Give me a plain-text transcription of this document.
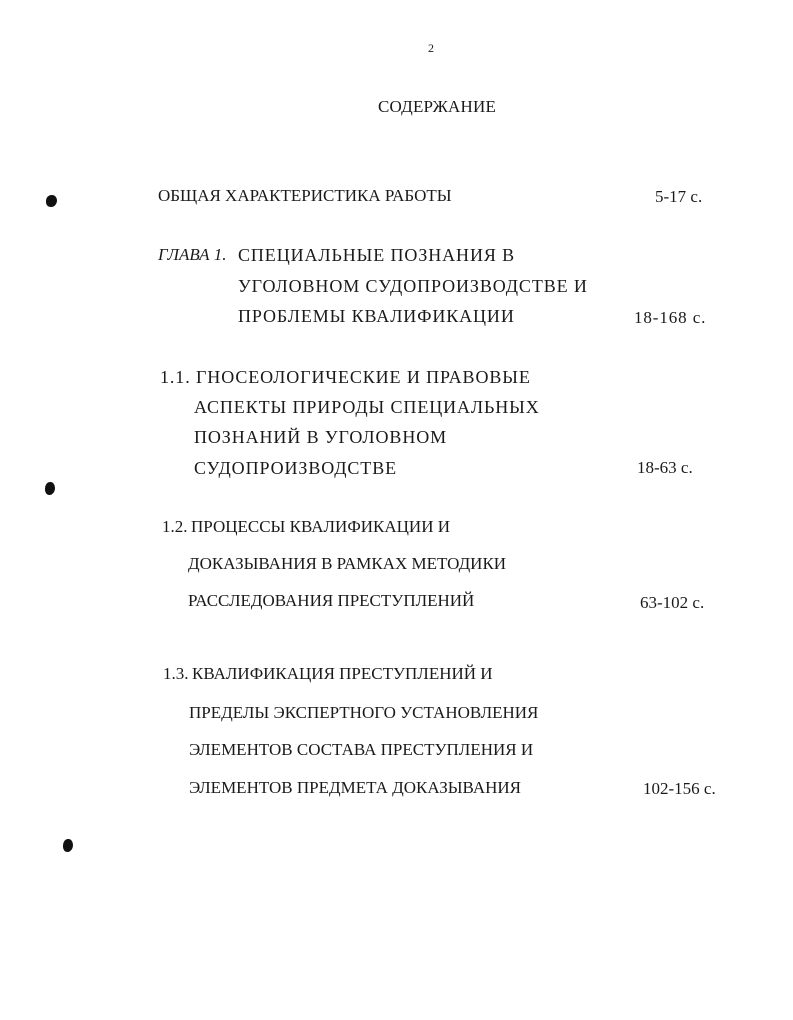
2
СОДЕРЖАНИЕ
ОБЩАЯ ХАРАКТЕРИСТИКА РАБОТЫ	5-17 с.
ГЛАВА 1. СПЕЦИАЛЬНЫЕ ПОЗНАНИЯ В
УГОЛОВНОМ СУДОПРОИЗВОДСТВЕ И
ПРОБЛЕМЫ КВАЛИФИКАЦИИ	18-168 с.
1.1. ГНОСЕОЛОГИЧЕСКИЕ И ПРАВОВЫЕ
АСПЕКТЫ ПРИРОДЫ СПЕЦИАЛЬНЫХ
ПОЗНАНИЙ В УГОЛОВНОМ
СУДОПРОИЗВОДСТВЕ	18-63 с.
1.2. ПРОЦЕССЫ КВАЛИФИКАЦИИ И
ДОКАЗЫВАНИЯ В РАМКАХ МЕТОДИКИ
РАССЛЕДОВАНИЯ ПРЕСТУПЛЕНИЙ	63-102 с.
1.3. КВАЛИФИКАЦИЯ ПРЕСТУПЛЕНИЙ И
ПРЕДЕЛЫ ЭКСПЕРТНОГО УСТАНОВЛЕНИЯ
ЭЛЕМЕНТОВ СОСТАВА ПРЕСТУПЛЕНИЯ И
ЭЛЕМЕНТОВ ПРЕДМЕТА ДОКАЗЫВАНИЯ	102-156 с.
